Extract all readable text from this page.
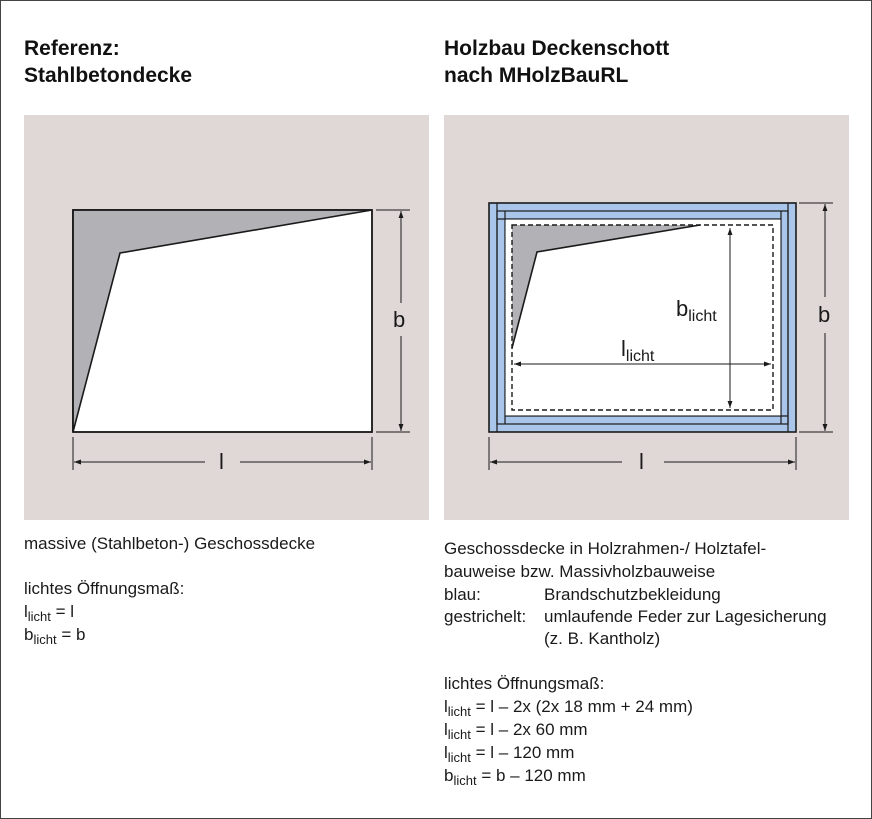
Referenz:
Stahlbetondecke
Holzbau Deckenschott
nach MHolzBauRL
b
l
b
l
$b_{licht}$
$l_{licht}$
massive (Stahlbeton-) Geschossdecke
lichtes Öffnungsmaß:
$l_{licht} = l$
$b_{licht} = b$
Geschossdecke in Holzrahmen-/ Holztafel-
bauweise bzw. Massivholzbauweise
blau:	Brandschutzbekleidung
gestrichelt: umlaufende Feder zur Lagesicherung
(z. B. Kantholz)
lichtes Öffnungsmaß:
$l_{licht} = l - 2x$ (2x 18 mm + 24 mm)
$l_{licht} = l - 2x$ 60 mm
$l_{licht} = l - 120$ mm
$b_{licht} = b - 120$ mm
